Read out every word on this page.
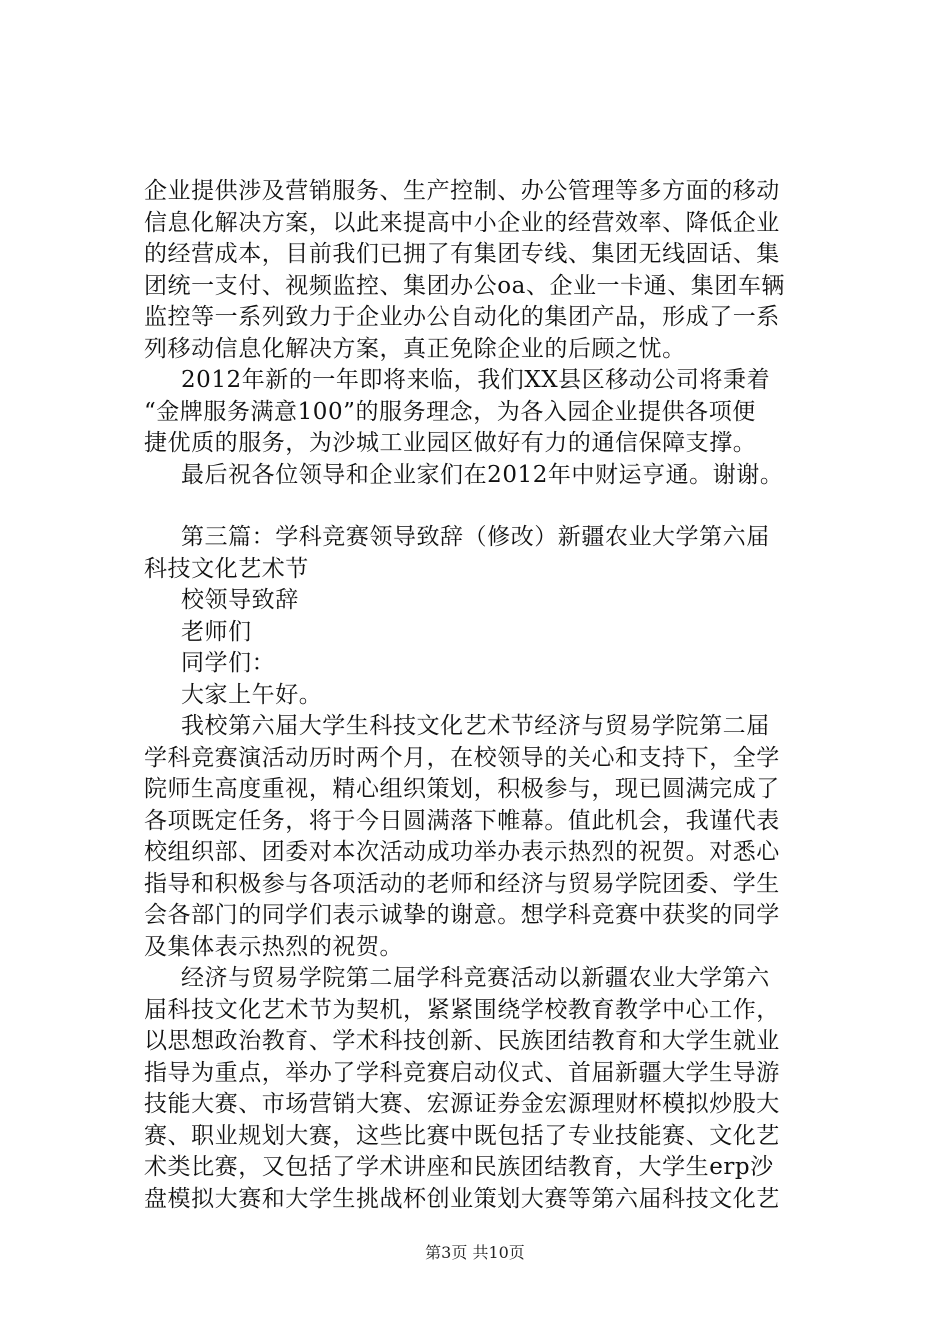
企业提供涉及营销服务、生产控制、办公管理等多方面的移动
信息化解决方案，以此来提高中小企业的经营效率、降低企业
的经营成本，目前我们已拥了有集团专线、集团无线固话、集
团统一支付、视频监控、集团办公oa、企业一卡通、集团车辆
监控等一系列致力于企业办公自动化的集团产品，形成了一系
列移动信息化解决方案，真正免除企业的后顾之忧。
2012年新的一年即将来临，我们XX县区移动公司将秉着
“金牌服务满意100”的服务理念，为各入园企业提供各项便
捷优质的服务，为沙城工业园区做好有力的通信保障支撑。
最后祝各位领导和企业家们在2012年中财运亨通。谢谢。
第三篇：学科竞赛领导致辞（修改）新疆农业大学第六届
科技文化艺术节
校领导致辞
老师们
同学们：
大家上午好。
我校第六届大学生科技文化艺术节经济与贸易学院第二届
学科竞赛演活动历时两个月，在校领导的关心和支持下，全学
院师生高度重视，精心组织策划，积极参与，现已圆满完成了
各项既定任务，将于今日圆满落下帷幕。值此机会，我谨代表
校组织部、团委对本次活动成功举办表示热烈的祝贺。对悉心
指导和积极参与各项活动的老师和经济与贸易学院团委、学生
会各部门的同学们表示诚挚的谢意。想学科竞赛中获奖的同学
及集体表示热烈的祝贺。
经济与贸易学院第二届学科竞赛活动以新疆农业大学第六
届科技文化艺术节为契机，紧紧围绕学校教育教学中心工作，
以思想政治教育、学术科技创新、民族团结教育和大学生就业
指导为重点，举办了学科竞赛启动仪式、首届新疆大学生导游
技能大赛、市场营销大赛、宏源证券金宏源理财杯模拟炒股大
赛、职业规划大赛，这些比赛中既包括了专业技能赛、文化艺
术类比赛，又包括了学术讲座和民族团结教育，大学生erp沙
盘模拟大赛和大学生挑战杯创业策划大赛等第六届科技文化艺
第3页 共10页
